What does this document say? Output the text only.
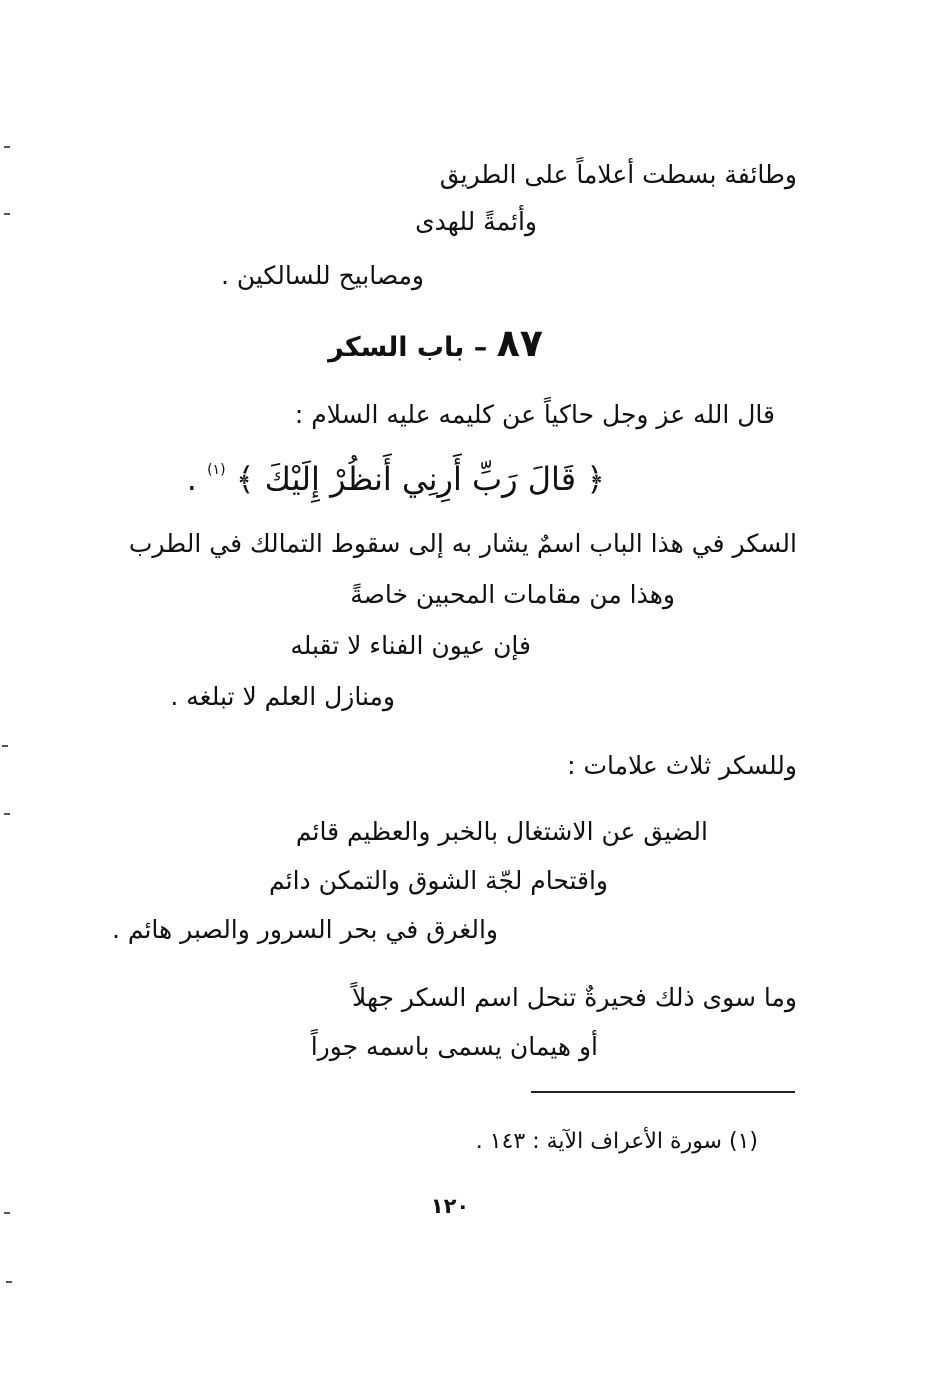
وطائفة بسطت أعلاماً على الطريق
وأئمةً للهدى
ومصابيح للسالكين .
٨٧ – باب السكر
قال الله عز وجل حاكياً عن كليمه عليه السلام :
﴿ قَالَ رَبِّ أَرِنِي أَنظُرْ إِلَيْكَ ﴾ $^{(١)}$ .
السكر في هذا الباب اسمٌ يشار به إلى سقوط التمالك في الطرب
وهذا من مقامات المحبين خاصةً
فإن عيون الفناء لا تقبله
ومنازل العلم لا تبلغه .
وللسكر ثلاث علامات :
الضيق عن الاشتغال بالخبر والعظيم قائم
واقتحام لجّة الشوق والتمكن دائم
والغرق في بحر السرور والصبر هائم .
وما سوى ذلك فحيرةٌ تنحل اسم السكر جهلاً
أو هيمان يسمى باسمه جوراً
(١) سورة الأعراف الآية : ١٤٣ .
١٢٠
